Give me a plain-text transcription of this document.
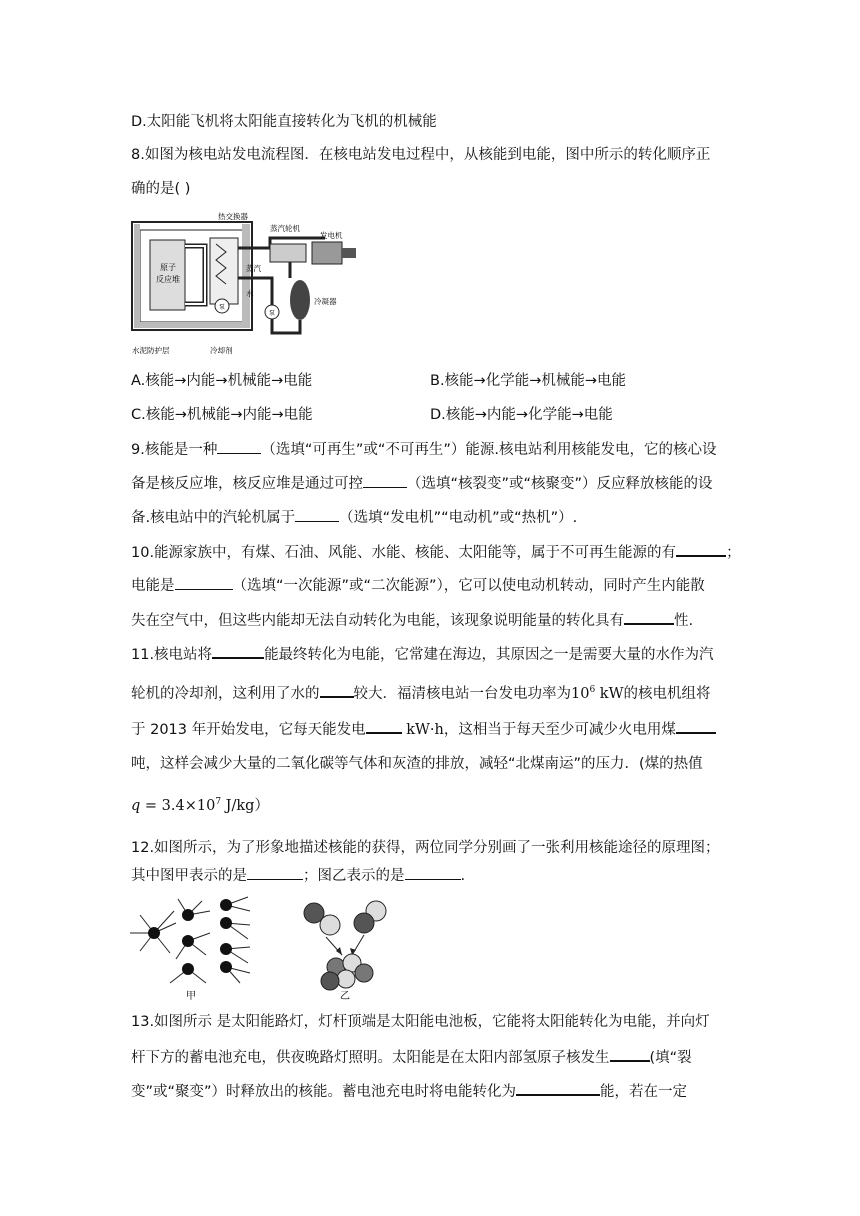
D.太阳能飞机将太阳能直接转化为飞机的机械能
8.如图为核电站发电流程图．在核电站发电过程中，从核能到电能，图中所示的转化顺序正
确的是( )
原子
反应堆
泵
泵
热交换器
蒸汽轮机
发电机
蒸汽
水
冷凝器
水泥防护层	冷却剂
A.核能→内能→机械能→电能	B.核能→化学能→机械能→电能
C.核能→机械能→内能→电能	D.核能→内能→化学能→电能
9.核能是一种	（选填“可再生”或“不可再生”）能源.核电站利用核能发电，它的核心设
备是核反应堆，核反应堆是通过可控	（选填“核裂变”或“核聚变”）反应释放核能的设
备.核电站中的汽轮机属于	（选填“发电机”“电动机”或“热机”）.
10.能源家族中，有煤、石油、风能、水能、核能、太阳能等，属于不可再生能源的有	；
电能是	（选填“一次能源”或“二次能源”），它可以使电动机转动，同时产生内能散
失在空气中，但这些内能却无法自动转化为电能，该现象说明能量的转化具有	性.
11.核电站将	能最终转化为电能，它常建在海边，其原因之一是需要大量的水作为汽
轮机的冷却剂，这利用了水的 较大．福清核电站一台发电功率为$10^6$ kW的核电机组将
于 2013 年开始发电，它每天能发电	kW·h，这相当于每天至少可减少火电用煤
吨，这样会减少大量的二氧化碳等气体和灰渣的排放，减轻“北煤南运”的压力．(煤的热值
$q = 3.4\times 10^7$ J/kg）
12.如图所示，为了形象地描述核能的获得，两位同学分别画了一张利用核能途径的原理图；
其中图甲表示的是	；图乙表示的是	.
甲	乙
13.如图所示 是太阳能路灯，灯杆顶端是太阳能电池板，它能将太阳能转化为电能，并向灯
杆下方的蓄电池充电，供夜晚路灯照明。太阳能是在太阳内部氢原子核发生	(填“裂
变”或“聚变”）时释放出的核能。蓄电池充电时将电能转化为	能，若在一定
